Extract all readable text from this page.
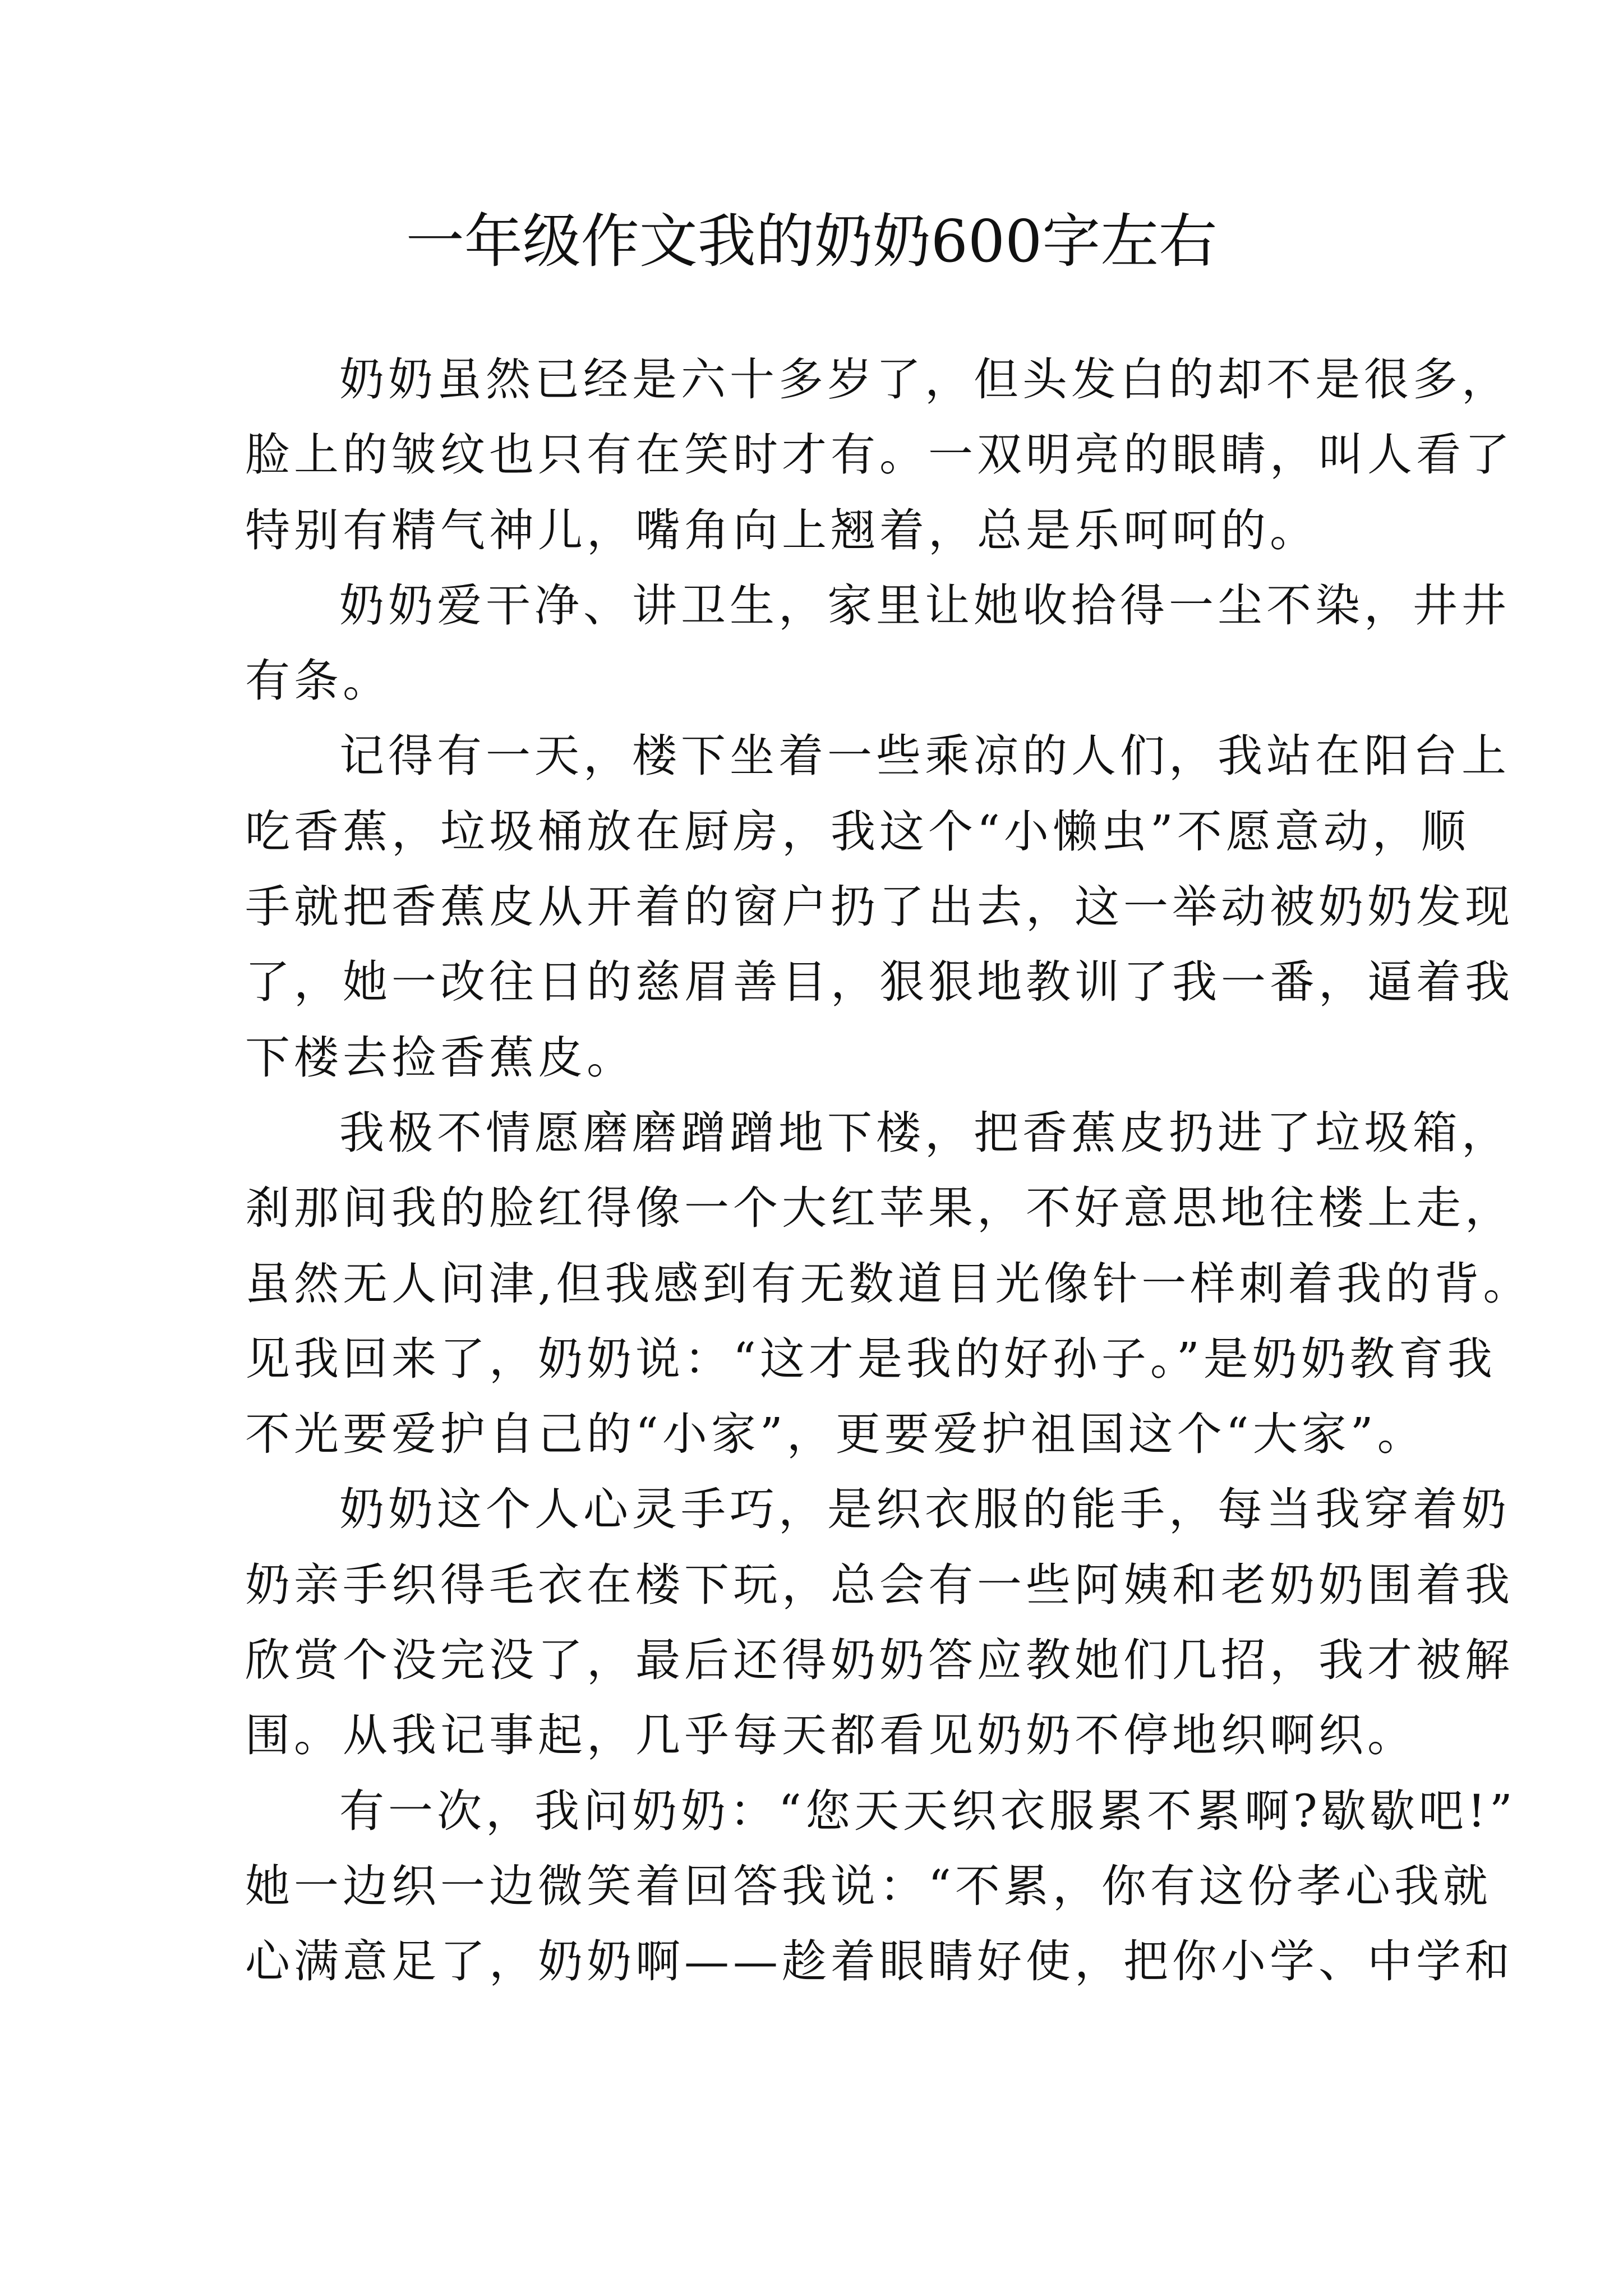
一年级作文我的奶奶600字左右
奶奶虽然已经是六十多岁了，但头发白的却不是很多，
脸上的皱纹也只有在笑时才有。一双明亮的眼睛，叫人看了
特别有精气神儿，嘴角向上翘着，总是乐呵呵的。
奶奶爱干净、讲卫生，家里让她收拾得一尘不染，井井
有条。
记得有一天，楼下坐着一些乘凉的人们，我站在阳台上
吃香蕉，垃圾桶放在厨房，我这个“小懒虫”不愿意动，顺
手就把香蕉皮从开着的窗户扔了出去，这一举动被奶奶发现
了，她一改往日的慈眉善目，狠狠地教训了我一番，逼着我
下楼去捡香蕉皮。
我极不情愿磨磨蹭蹭地下楼，把香蕉皮扔进了垃圾箱，
刹那间我的脸红得像一个大红苹果，不好意思地往楼上走，
虽然无人问津,但我感到有无数道目光像针一样刺着我的背。
见我回来了，奶奶说：“这才是我的好孙子。”是奶奶教育我
不光要爱护自己的“小家”，更要爱护祖国这个“大家”。
奶奶这个人心灵手巧，是织衣服的能手，每当我穿着奶
奶亲手织得毛衣在楼下玩，总会有一些阿姨和老奶奶围着我
欣赏个没完没了，最后还得奶奶答应教她们几招，我才被解
围。从我记事起，几乎每天都看见奶奶不停地织啊织。
有一次，我问奶奶：“您天天织衣服累不累啊?歇歇吧!”
她一边织一边微笑着回答我说：“不累，你有这份孝心我就
心满意足了，奶奶啊——趁着眼睛好使，把你小学、中学和
